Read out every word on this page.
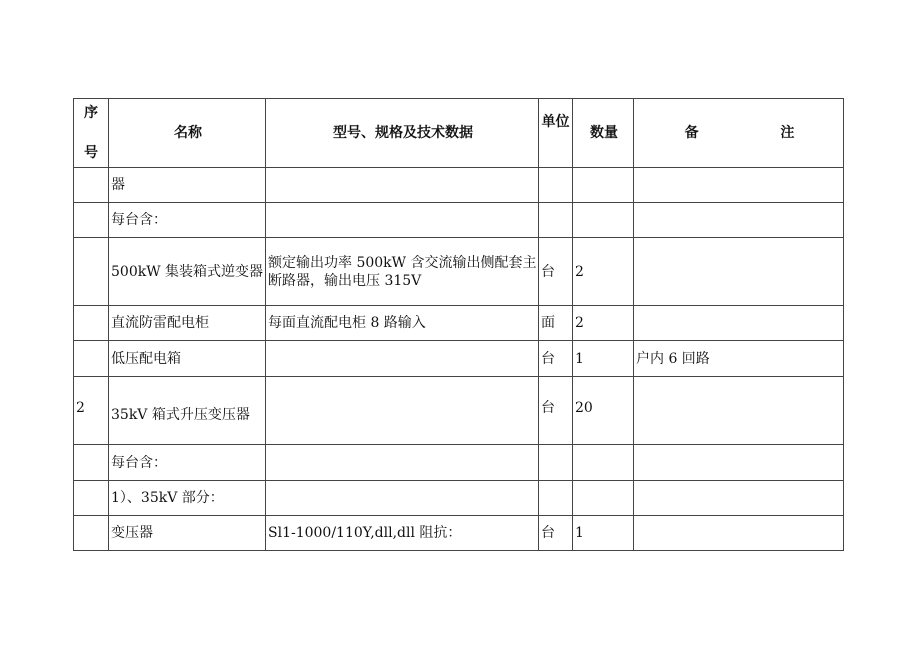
序
号	名称	型号、规格及技术数据	单位	数量	备 注
	器				
	每台含：				
	500kW 集装箱式逆变器	额定输出功率 500kW 含交流输出侧配套主断路器，输出电压 315V	台	2	
	直流防雷配电柜	每面直流配电柜 8 路输入	面	2	
	低压配电箱		台	1	户内 6 回路
2	35kV 箱式升压变压器		台	20	
	每台含：				
	1）、35kV 部分：				
	变压器	Sl1-1000/110Y,dll,dll 阻抗：	台	1	
